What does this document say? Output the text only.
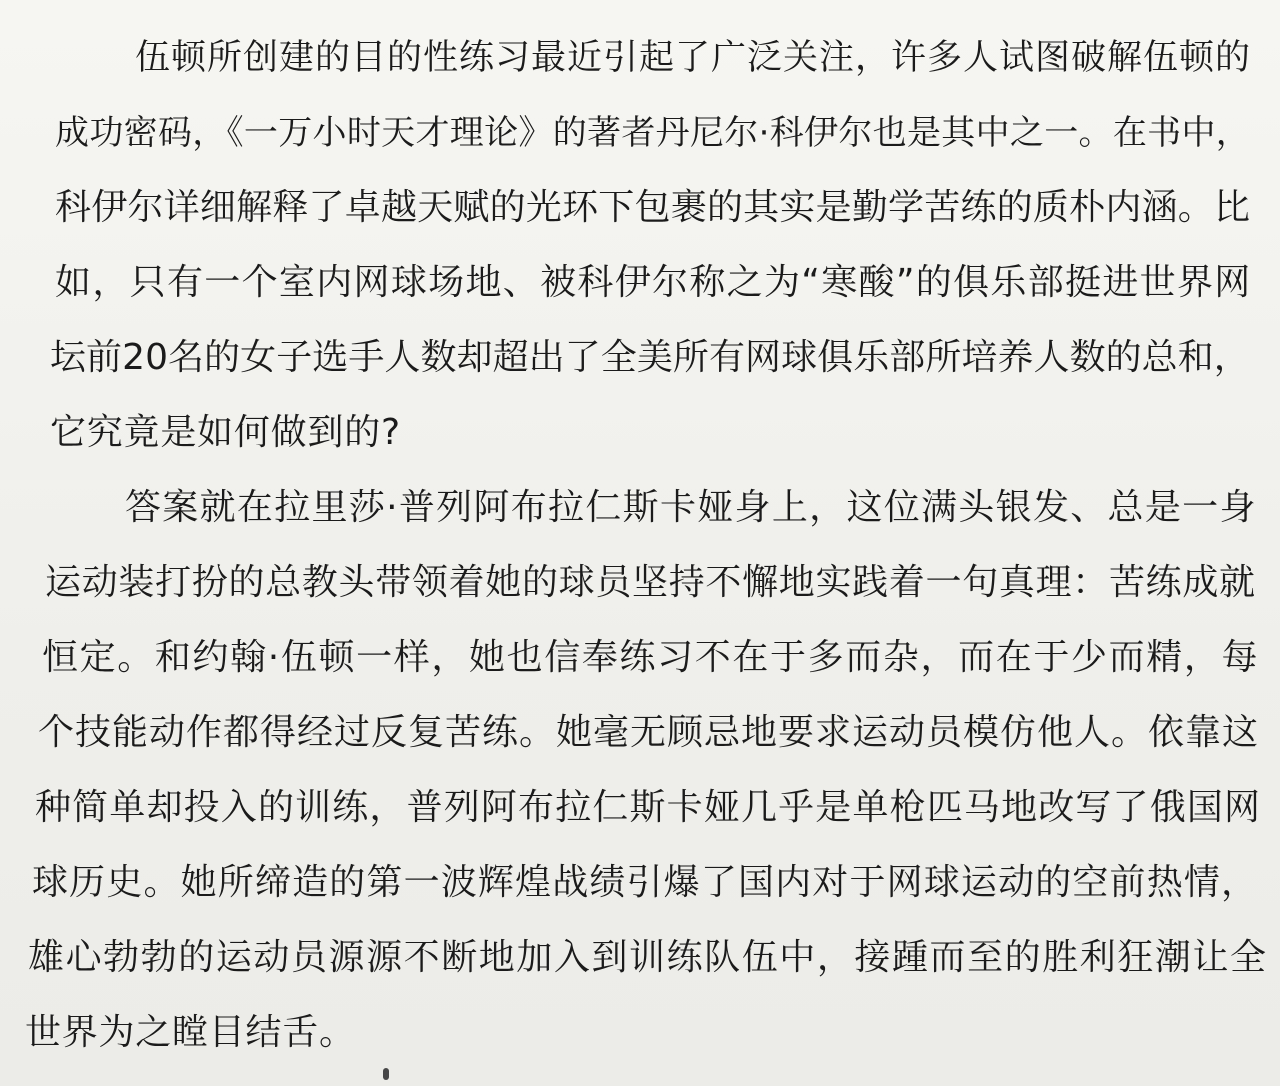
伍顿所创建的目的性练习最近引起了广泛关注，许多人试图破解伍顿的
成功密码，《一万小时天才理论》的著者丹尼尔·科伊尔也是其中之一。在书中，
科伊尔详细解释了卓越天赋的光环下包裹的其实是勤学苦练的质朴内涵。比
如，只有一个室内网球场地、被科伊尔称之为“寒酸”的俱乐部挺进世界网
坛前20名的女子选手人数却超出了全美所有网球俱乐部所培养人数的总和，
它究竟是如何做到的?
答案就在拉里莎·普列阿布拉仁斯卡娅身上，这位满头银发、总是一身
运动装打扮的总教头带领着她的球员坚持不懈地实践着一句真理：苦练成就
恒定。和约翰·伍顿一样，她也信奉练习不在于多而杂，而在于少而精，每
个技能动作都得经过反复苦练。她毫无顾忌地要求运动员模仿他人。依靠这
种简单却投入的训练，普列阿布拉仁斯卡娅几乎是单枪匹马地改写了俄国网
球历史。她所缔造的第一波辉煌战绩引爆了国内对于网球运动的空前热情，
雄心勃勃的运动员源源不断地加入到训练队伍中，接踵而至的胜利狂潮让全
世界为之瞠目结舌。
